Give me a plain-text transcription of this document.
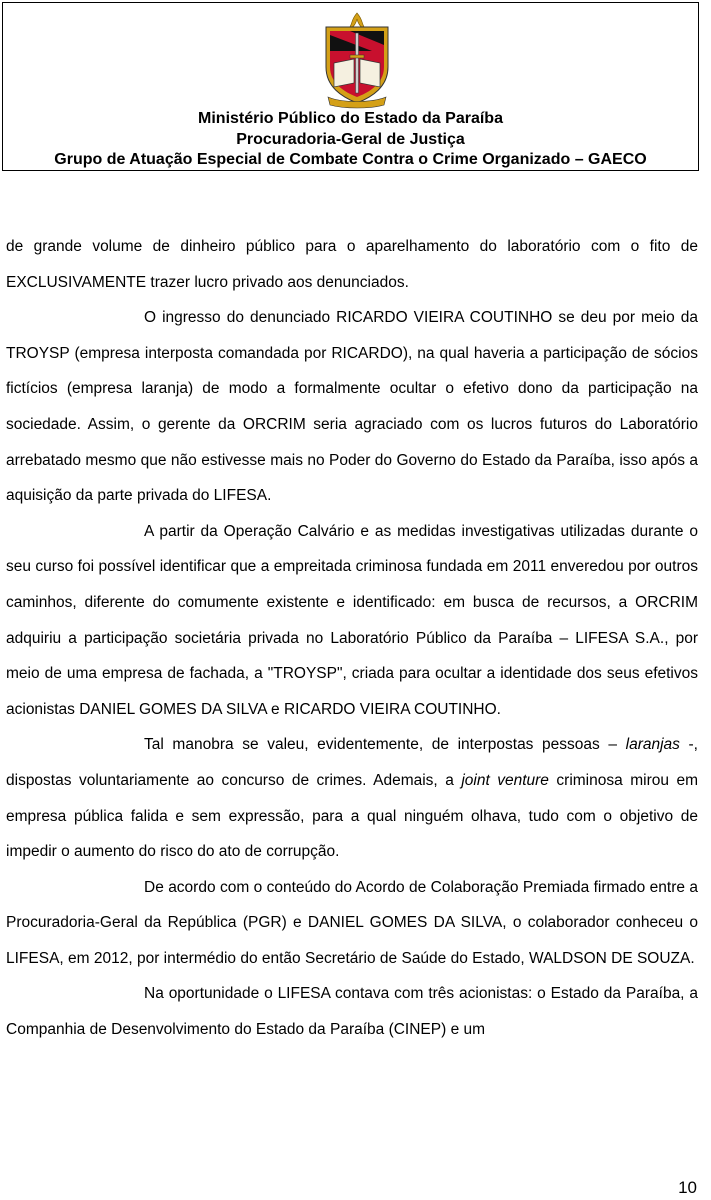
Ministério Público do Estado da Paraíba
Procuradoria-Geral de Justiça
Grupo de Atuação Especial de Combate Contra o Crime Organizado – GAECO

de grande volume de dinheiro público para o aparelhamento do laboratório com o fito de EXCLUSIVAMENTE trazer lucro privado aos denunciados.

O ingresso do denunciado RICARDO VIEIRA COUTINHO se deu por meio da TROYSP (empresa interposta comandada por RICARDO), na qual haveria a participação de sócios fictícios (empresa laranja) de modo a formalmente ocultar o efetivo dono da participação na sociedade. Assim, o gerente da ORCRIM seria agraciado com os lucros futuros do Laboratório arrebatado mesmo que não estivesse mais no Poder do Governo do Estado da Paraíba, isso após a aquisição da parte privada do LIFESA.

A partir da Operação Calvário e as medidas investigativas utilizadas durante o seu curso foi possível identificar que a empreitada criminosa fundada em 2011 enveredou por outros caminhos, diferente do comumente existente e identificado: em busca de recursos, a ORCRIM adquiriu a participação societária privada no Laboratório Público da Paraíba – LIFESA S.A., por meio de uma empresa de fachada, a "TROYSP", criada para ocultar a identidade dos seus efetivos acionistas DANIEL GOMES DA SILVA e RICARDO VIEIRA COUTINHO.

Tal manobra se valeu, evidentemente, de interpostas pessoas – laranjas -, dispostas voluntariamente ao concurso de crimes. Ademais, a joint venture criminosa mirou em empresa pública falida e sem expressão, para a qual ninguém olhava, tudo com o objetivo de impedir o aumento do risco do ato de corrupção.

De acordo com o conteúdo do Acordo de Colaboração Premiada firmado entre a Procuradoria-Geral da República (PGR) e DANIEL GOMES DA SILVA, o colaborador conheceu o LIFESA, em 2012, por intermédio do então Secretário de Saúde do Estado, WALDSON DE SOUZA.

Na oportunidade o LIFESA contava com três acionistas: o Estado da Paraíba, a Companhia de Desenvolvimento do Estado da Paraíba (CINEP) e um

10
